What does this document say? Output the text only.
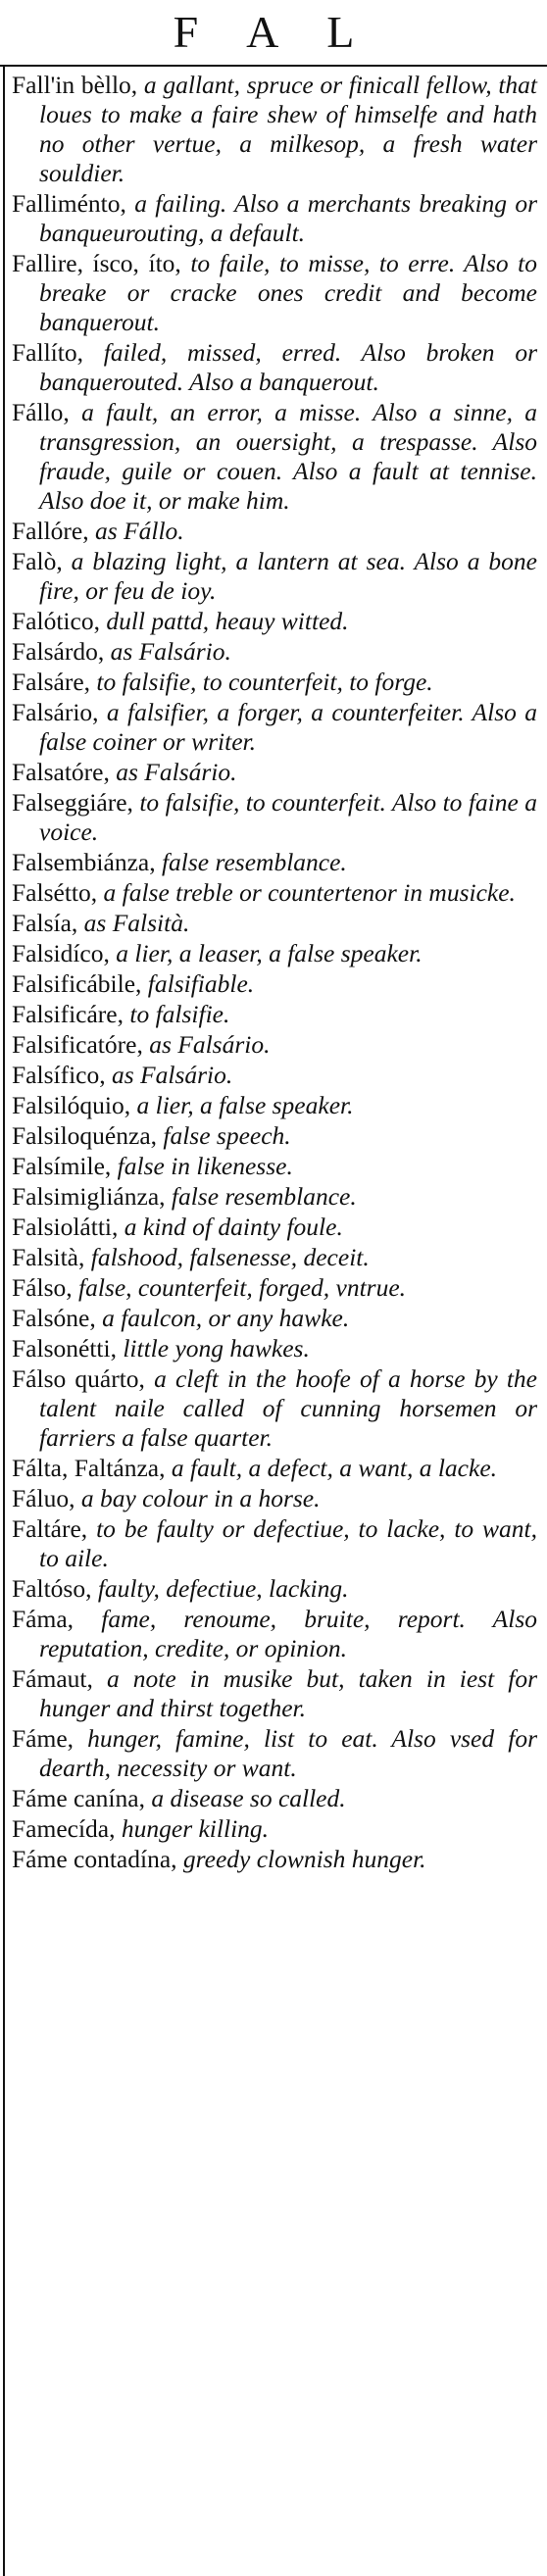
F A L

Fall'in bèllo, a gallant, spruce or finicall fellow, that loues to make a faire shew of himselfe and hath no other vertue, a milkesop, a fresh water souldier.

Falliménto, a failing. Also a merchants breaking or banqueurouting, a default.

Fallire, ísco, íto, to faile, to misse, to erre. Also to breake or cracke ones credit and become banquerout.

Fallíto, failed, missed, erred. Also broken or banquerouted. Also a banquerout.

Fállo, a fault, an error, a misse. Also a sinne, a transgression, an ouersight, a trespasse. Also fraude, guile or couen. Also a fault at tennise. Also doe it, or make him.

Fallóre, as Fállo.

Falò, a blazing light, a lantern at sea. Also a bone fire, or feu de ioy.

Falótico, dull pattd, heauy witted.

Falsárdo, as Falsário.

Falsáre, to falsifie, to counterfeit, to forge.

Falsário, a falsifier, a forger, a counterfeiter. Also a false coiner or writer.

Falsatóre, as Falsário.

Falseggiáre, to falsifie, to counterfeit. Also to faine a voice.

Falsembiánza, false resemblance.

Falsétto, a false treble or countertenor in musicke.

Falsía, as Falsità.

Falsidíco, a lier, a leaser, a false speaker.

Falsificábile, falsifiable.

Falsificáre, to falsifie.

Falsificatóre, as Falsário.

Falsífico, as Falsário.

Falsilóquio, a lier, a false speaker.

Falsiloquénza, false speech.

Falsímile, false in likenesse.

Falsimigliánza, false resemblance.

Falsiolátti, a kind of dainty foule.

Falsità, falshood, falsenesse, deceit.

Fálso, false, counterfeit, forged, vntrue.

Falsóne, a faulcon, or any hawke.

Falsonétti, little yong hawkes.

Fálso quárto, a cleft in the hoofe of a horse by the talent naile called of cunning horsemen or farriers a false quarter.

Fálta, Faltánza, a fault, a defect, a want, a lacke.

Fáluo, a bay colour in a horse.

Faltáre, to be faulty or defectiue, to lacke, to want, to aile.

Faltóso, faulty, defectiue, lacking.

Fáma, fame, renoume, bruite, report. Also reputation, credite, or opinion.

Fámaut, a note in musike but, taken in iest for hunger and thirst together.

Fáme, hunger, famine, list to eat. Also vsed for dearth, necessity or want.

Fáme canína, a disease so called.

Famecída, hunger killing.

Fáme contadína, greedy clownish hunger.
